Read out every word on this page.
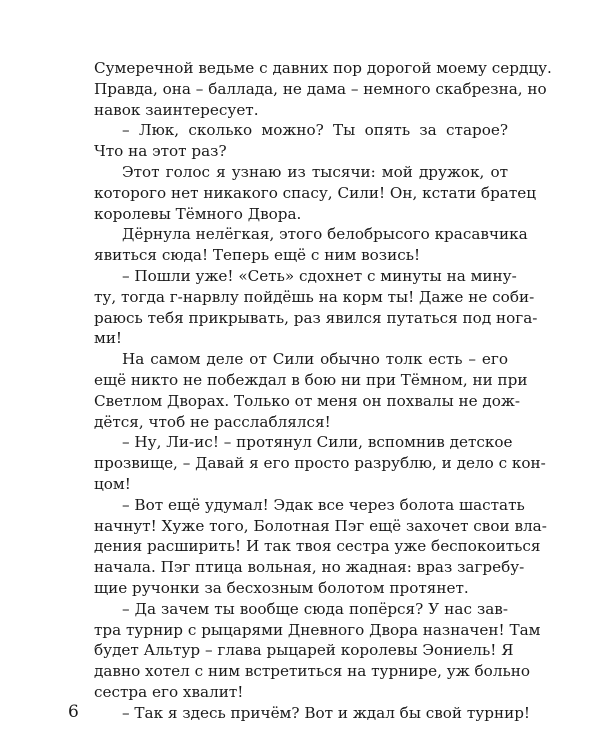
Сумеречной ведьме с давних пор дорогой моему сердцу.
Правда, она – баллада, не дама – немного скабрезна, но
навок заинтересует.
– Люк, сколько можно? Ты опять за старое?
Что на этот раз?
Этот голос я узнаю из тысячи: мой дружок, от
которого нет никакого спасу, Сили! Он, кстати братец
королевы Тёмного Двора.
Дёрнула нелёгкая, этого белобрысого красавчика
явиться сюда! Теперь ещё с ним возись!
– Пошли уже! «Сеть» сдохнет с минуты на мину-
ту, тогда г-нарвлу пойдёшь на корм ты! Даже не соби-
раюсь тебя прикрывать, раз явился путаться под нога-
ми!
На самом деле от Сили обычно толк есть – его
ещё никто не побеждал в бою ни при Тёмном, ни при
Светлом Дворах. Только от меня он похвалы не дож-
дётся, чтоб не расслаблялся!
– Ну, Ли-ис! – протянул Сили, вспомнив детское
прозвище, – Давай я его просто разрублю, и дело с кон-
цом!
– Вот ещё удумал! Эдак все через болота шастать
начнут! Хуже того, Болотная Пэг ещё захочет свои вла-
дения расширить! И так твоя сестра уже беспокоиться
начала. Пэг птица вольная, но жадная: враз загребу-
щие ручонки за бесхозным болотом протянет.
– Да зачем ты вообще сюда попёрся? У нас зав-
тра турнир с рыцарями Дневного Двора назначен! Там
будет Альтур – глава рыцарей королевы Эониель! Я
давно хотел с ним встретиться на турнире, уж больно
сестра его хвалит!
– Так я здесь причём? Вот и ждал бы свой турнир!
6
